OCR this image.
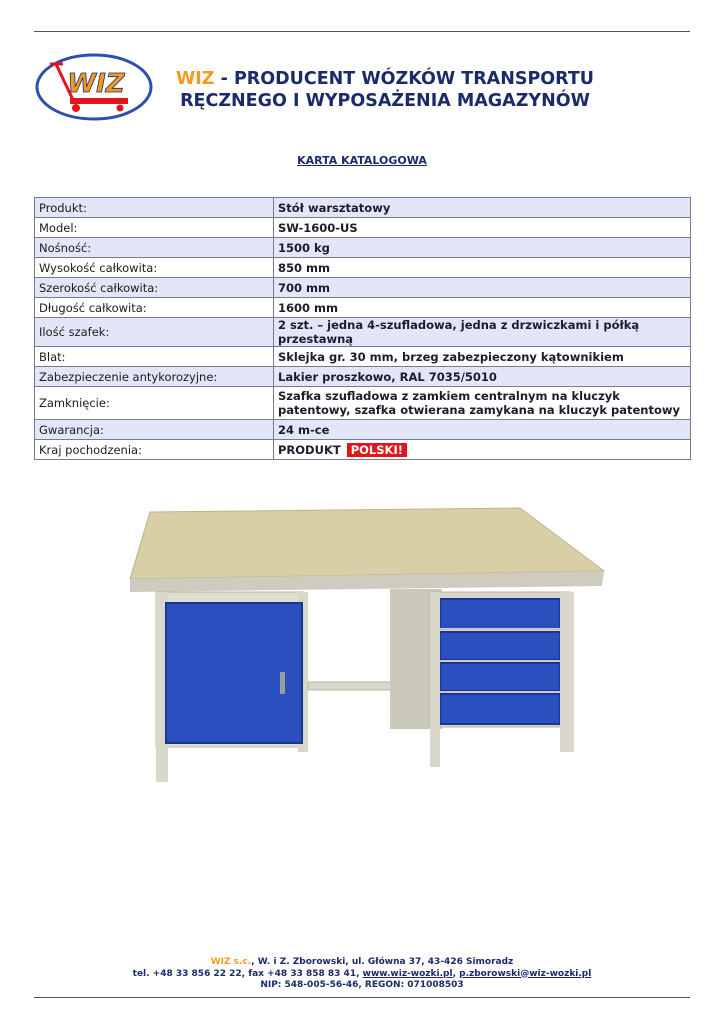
WIZ	WIZ - PRODUCENT WÓZKÓW TRANSPORTU
RĘCZNEGO I WYPOSAŻENIA MAGAZYNÓW
KARTA KATALOGOWA
Produkt:	Stół warsztatowy
Model:	SW-1600-US
Nośność:	1500 kg
Wysokość całkowita:	850 mm
Szerokość całkowita:	700 mm
Długość całkowita:	1600 mm
Ilość szafek:	2 szt. – jedna 4-szufladowa, jedna z drzwiczkami i półką przestawną
Blat:	Sklejka gr. 30 mm, brzeg zabezpieczony kątownikiem
Zabezpieczenie antykorozyjne:	Lakier proszkowo, RAL 7035/5010
Zamknięcie:	Szafka szufladowa z zamkiem centralnym na kluczyk patentowy, szafka otwierana zamykana na kluczyk patentowy
Gwarancja:	24 m-ce
Kraj pochodzenia:	PRODUKT POLSKI!
WIZ s.c., W. i Z. Zborowski, ul. Główna 37, 43-426 Simoradz
tel. +48 33 856 22 22, fax +48 33 858 83 41, www.wiz-wozki.pl, p.zborowski@wiz-wozki.pl
NIP: 548-005-56-46, REGON: 071008503
